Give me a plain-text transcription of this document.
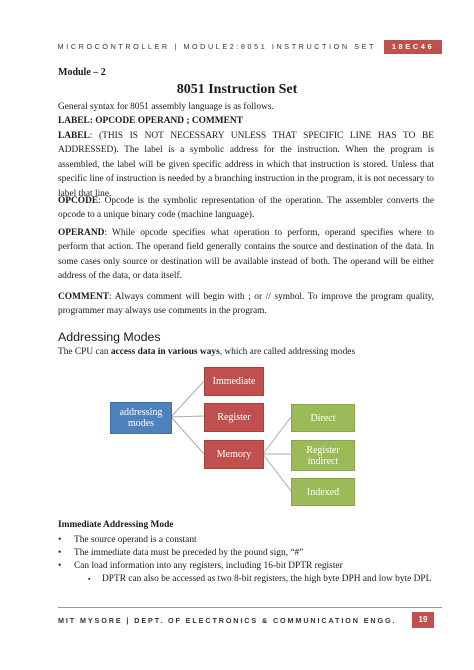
MICROCONTROLLER | MODULE2:8051 INSTRUCTION SET	18EC46
Module – 2
8051 Instruction Set
General syntax for 8051 assembly language is as follows.
LABEL: OPCODE OPERAND ; COMMENT
LABEL: (THIS IS NOT NECESSARY UNLESS THAT SPECIFIC LINE HAS TO BE ADDRESSED). The label is a symbolic address for the instruction. When the program is assembled, the label will be given specific address in which that instruction is stored. Unless that specific line of instruction is needed by a branching instruction in the program, it is not necessary to label that line.
OPCODE: Opcode is the symbolic representation of the operation. The assembler converts the opcode to a unique binary code (machine language).
OPERAND: While opcode specifies what operation to perform, operand specifies where to perform that action. The operand field generally contains the source and destination of the data. In some cases only source or destination will be available instead of both. The operand will be either address of the data, or data itself.
COMMENT: Always comment will begin with ; or // symbol. To improve the program quality, programmer may always use comments in the program.
Addressing Modes
The CPU can access data in various ways, which are called addressing modes
addressing modes
Immediate
Register
Memory
Direct
Register indirect
Indexed
Immediate Addressing Mode
• The source operand is a constant
• The immediate data must be preceded by the pound sign, “#”
• Can load information into any registers, including 16-bit DPTR register
▪ DPTR can also be accessed as two 8-bit registers, the high byte DPH and low byte DPL
MIT MYSORE | DEPT. OF ELECTRONICS & COMMUNICATION ENGG.	19
